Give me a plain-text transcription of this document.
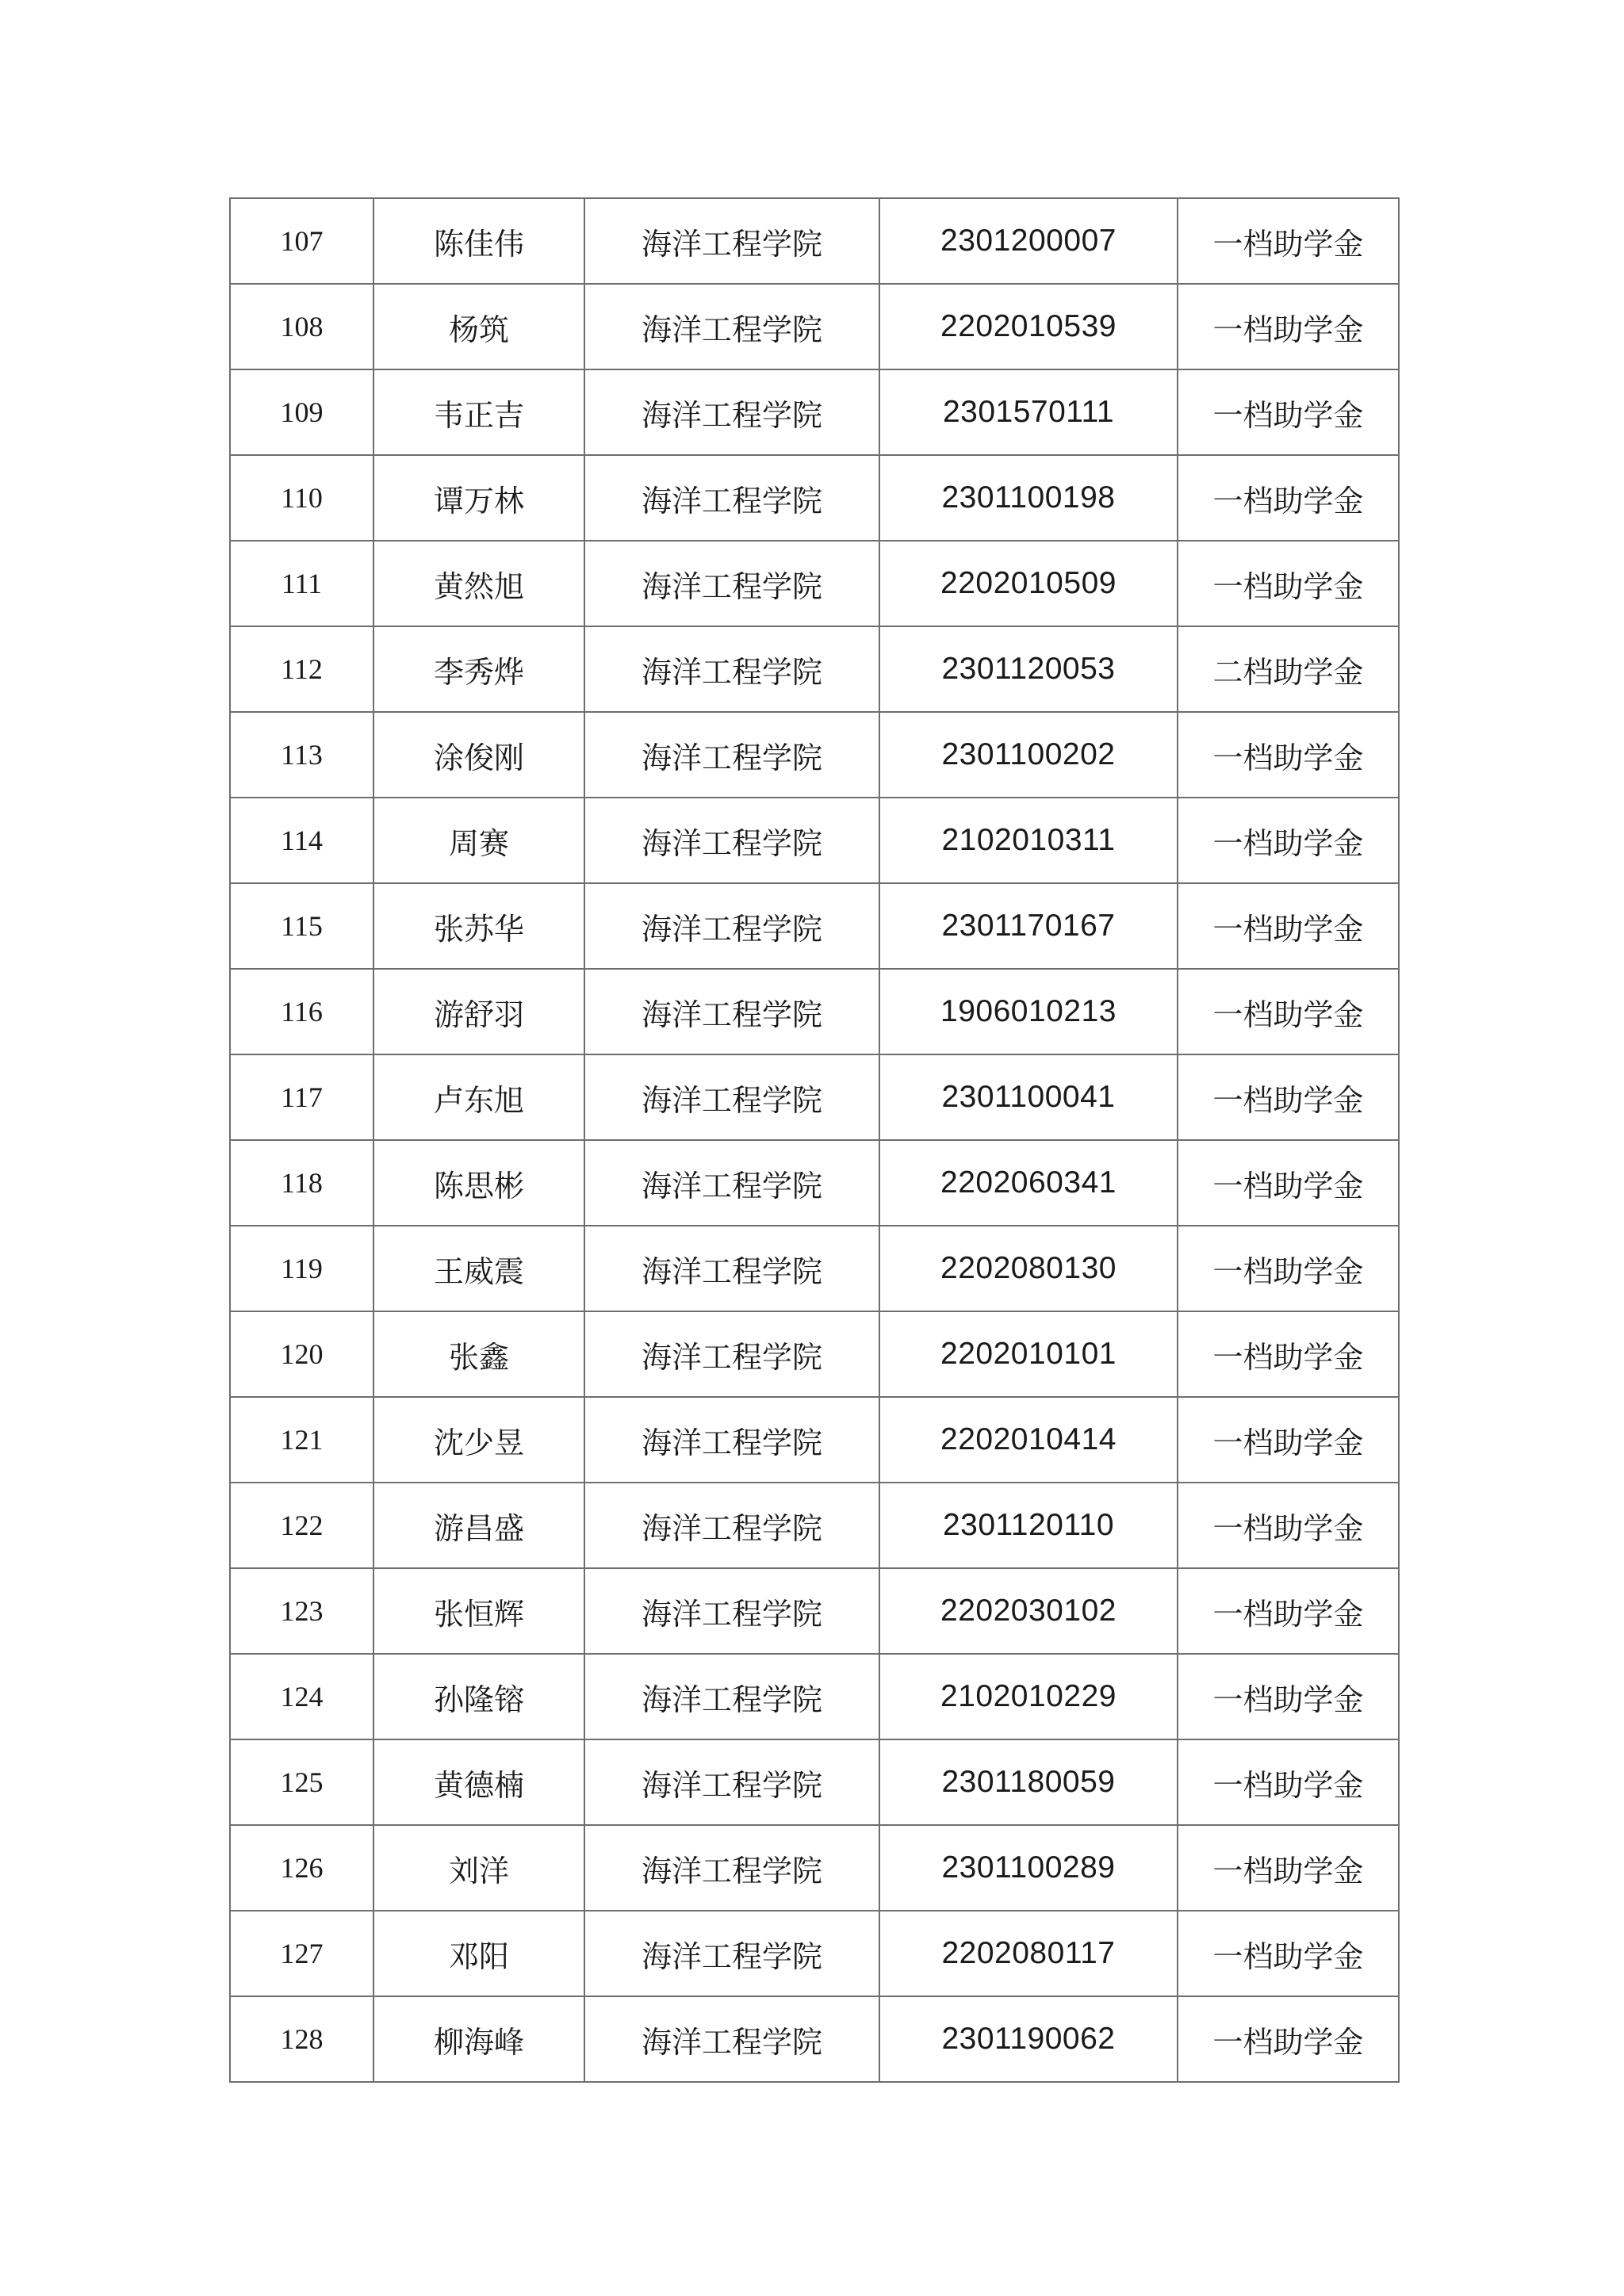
107	陈佳伟	海洋工程学院	2301200007	一档助学金
108	杨筑	海洋工程学院	2202010539	一档助学金
109	韦正吉	海洋工程学院	2301570111	一档助学金
110	谭万林	海洋工程学院	2301100198	一档助学金
111	黄然旭	海洋工程学院	2202010509	一档助学金
112	李秀烨	海洋工程学院	2301120053	二档助学金
113	涂俊刚	海洋工程学院	2301100202	一档助学金
114	周赛	海洋工程学院	2102010311	一档助学金
115	张苏华	海洋工程学院	2301170167	一档助学金
116	游舒羽	海洋工程学院	1906010213	一档助学金
117	卢东旭	海洋工程学院	2301100041	一档助学金
118	陈思彬	海洋工程学院	2202060341	一档助学金
119	王威震	海洋工程学院	2202080130	一档助学金
120	张鑫	海洋工程学院	2202010101	一档助学金
121	沈少昱	海洋工程学院	2202010414	一档助学金
122	游昌盛	海洋工程学院	2301120110	一档助学金
123	张恒辉	海洋工程学院	2202030102	一档助学金
124	孙隆镕	海洋工程学院	2102010229	一档助学金
125	黄德楠	海洋工程学院	2301180059	一档助学金
126	刘洋	海洋工程学院	2301100289	一档助学金
127	邓阳	海洋工程学院	2202080117	一档助学金
128	柳海峰	海洋工程学院	2301190062	一档助学金
